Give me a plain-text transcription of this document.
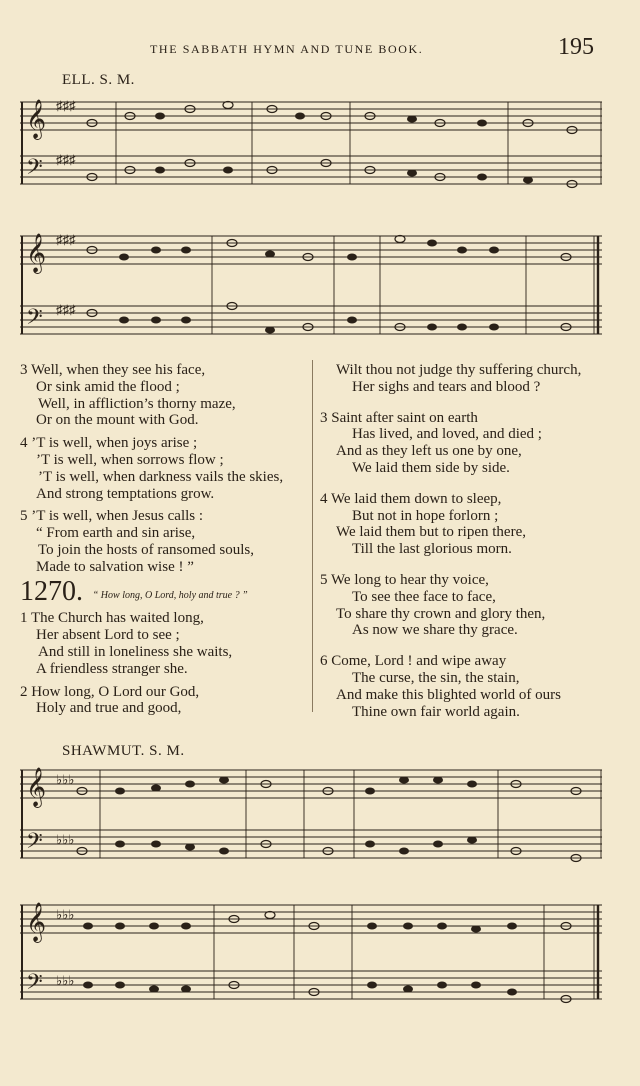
THE SABBATH HYMN AND TUNE BOOK.	195
ELL. S. M.
𝄞
𝄢
♯♯♯
♯♯♯
𝄞
𝄢
♯♯♯
♯♯♯
3 Well, when they see his face,
Or sink amid the flood ;
Well, in affliction’s thorny maze,
Or on the mount with God.
4 ’T is well, when joys arise ;
’T is well, when sorrows flow ;
’T is well, when darkness vails the skies,
And strong temptations grow.
5 ’T is well, when Jesus calls :
“ From earth and sin arise,
To join the hosts of ransomed souls,
Made to salvation wise ! ”
1270. “ How long, O Lord, holy and true ? ”
1 The Church has waited long,
Her absent Lord to see ;
And still in loneliness she waits,
A friendless stranger she.
2 How long, O Lord our God,
Holy and true and good,
Wilt thou not judge thy suffering church,
Her sighs and tears and blood ?
3 Saint after saint on earth
Has lived, and loved, and died ;
And as they left us one by one,
We laid them side by side.
4 We laid them down to sleep,
But not in hope forlorn ;
We laid them but to ripen there,
Till the last glorious morn.
5 We long to hear thy voice,
To see thee face to face,
To share thy crown and glory then,
As now we share thy grace.
6 Come, Lord ! and wipe away
The curse, the sin, the stain,
And make this blighted world of ours
Thine own fair world again.
SHAWMUT. S. M.
𝄞
𝄢
♭♭♭
♭♭♭
𝄞
𝄢
♭♭♭
♭♭♭
